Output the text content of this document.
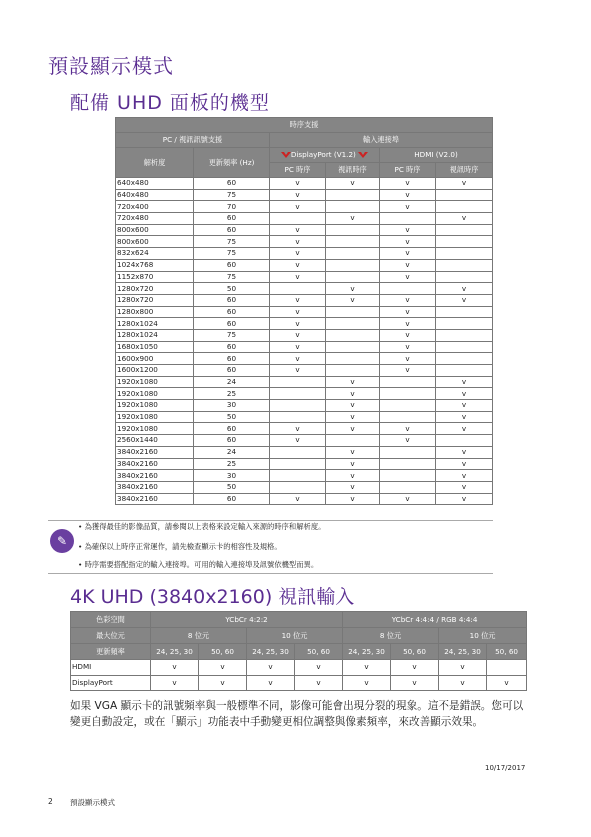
預設顯示模式
配備 UHD 面板的機型
時序支援					
PC / 視訊訊號支援		輸入連接埠			
解析度	更新頻率 (Hz)	DisplayPort (V1.2)		HDMI (V2.0)	
		PC 時序	視訊時序	PC 時序	視訊時序
640x480	60	v	v	v	v
640x480	75	v		v	
720x400	70	v		v	
720x480	60		v		v
800x600	60	v		v	
800x600	75	v		v	
832x624	75	v		v	
1024x768	60	v		v	
1152x870	75	v		v	
1280x720	50		v		v
1280x720	60	v	v	v	v
1280x800	60	v		v	
1280x1024	60	v		v	
1280x1024	75	v		v	
1680x1050	60	v		v	
1600x900	60	v		v	
1600x1200	60	v		v	
1920x1080	24		v		v
1920x1080	25		v		v
1920x1080	30		v		v
1920x1080	50		v		v
1920x1080	60	v	v	v	v
2560x1440	60	v		v	
3840x2160	24		v		v
3840x2160	25		v		v
3840x2160	30		v		v
3840x2160	50		v		v
3840x2160	60	v	v	v	v
✎
• 為獲得最佳的影像品質，請參閱以上表格來設定輸入來源的時序和解析度。
• 為確保以上時序正常運作，請先檢查顯示卡的相容性及規格。
• 時序需要搭配指定的輸入連接埠。可用的輸入連接埠及訊號依機型而異。
4K UHD (3840x2160) 視訊輸入
色彩空間	YCbCr 4:2:2				YCbCr 4:4:4 / RGB 4:4:4			
最大位元	8 位元		10 位元		8 位元		10 位元	
更新頻率	24, 25, 30	50, 60	24, 25, 30	50, 60	24, 25, 30	50, 60	24, 25, 30	50, 60
HDMI	v	v	v	v	v	v	v	
DisplayPort	v	v	v	v	v	v	v	v
如果 VGA 顯示卡的訊號頻率與一般標準不同，影像可能會出現分裂的現象。這不是錯誤。您可以變更自動設定，或在「顯示」功能表中手動變更相位調整與像素頻率，來改善顯示效果。
10/17/2017
2 預設顯示模式
